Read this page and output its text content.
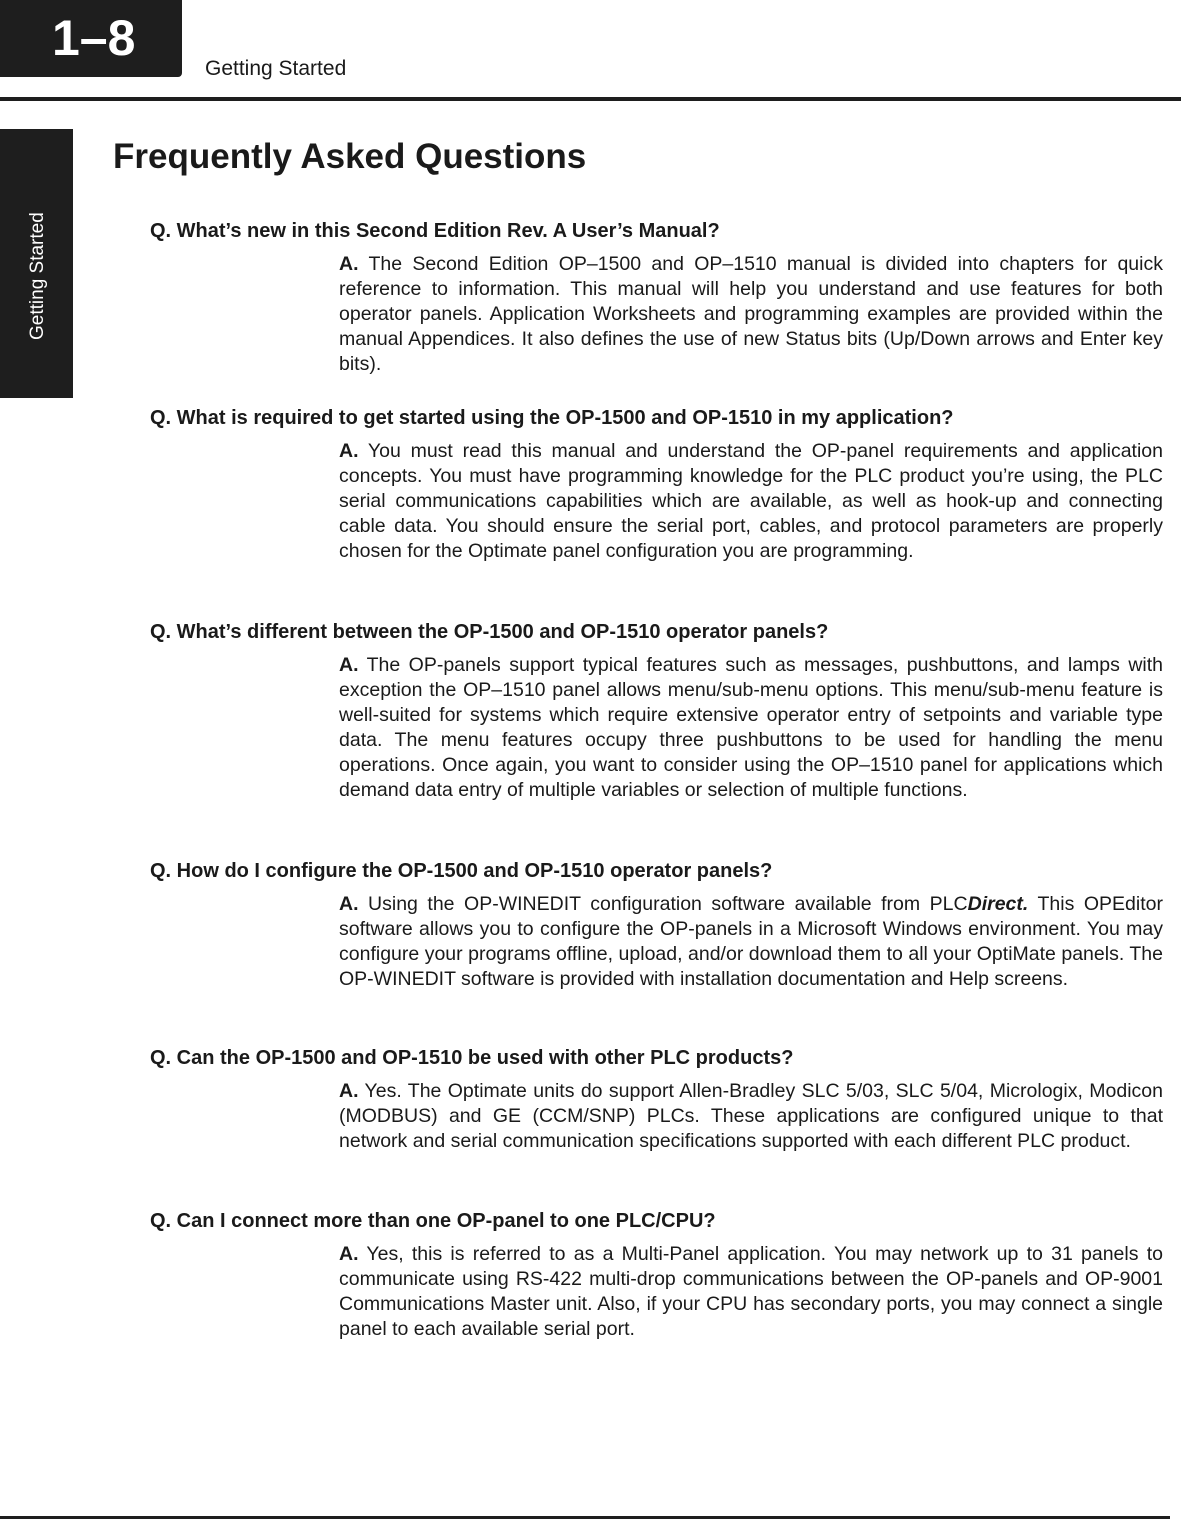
1–8
Getting Started
Getting Started
Frequently Asked Questions

Q. What’s new in this Second Edition Rev. A User’s Manual?

A. The Second Edition OP–1500 and OP–1510 manual is divided into chapters for quick reference to information. This manual will help you understand and use features for both operator panels. Application Worksheets and programming examples are provided within the manual Appendices. It also defines the use of new Status bits (Up/Down arrows and Enter key bits).

Q. What is required to get started using the OP-1500 and OP-1510 in my application?

A. You must read this manual and understand the OP-panel requirements and application concepts. You must have programming knowledge for the PLC product you’re using, the PLC serial communications capabilities which are available, as well as hook-up and connecting cable data. You should ensure the serial port, cables, and protocol parameters are properly chosen for the Optimate panel configuration you are programming.

Q. What’s different between the OP-1500 and OP-1510 operator panels?

A. The OP-panels support typical features such as messages, pushbuttons, and lamps with exception the OP–1510 panel allows menu/sub-menu options. This menu/sub-menu feature is well-suited for systems which require extensive operator entry of setpoints and variable type data. The menu features occupy three pushbuttons to be used for handling the menu operations. Once again, you want to consider using the OP–1510 panel for applications which demand data entry of multiple variables or selection of multiple functions.

Q. How do I configure the OP-1500 and OP-1510 operator panels?

A. Using the OP-WINEDIT configuration software available from PLCDirect. This OPEditor software allows you to configure the OP-panels in a Microsoft Windows environment. You may configure your programs offline, upload, and/or download them to all your OptiMate panels. The OP-WINEDIT software is provided with installation documentation and Help screens.

Q. Can the OP-1500 and OP-1510 be used with other PLC products?

A. Yes. The Optimate units do support Allen-Bradley SLC 5/03, SLC 5/04, Micrologix, Modicon (MODBUS) and GE (CCM/SNP) PLCs. These applications are configured unique to that network and serial communication specifications supported with each different PLC product.

Q. Can I connect more than one OP-panel to one PLC/CPU?

A. Yes, this is referred to as a Multi-Panel application. You may network up to 31 panels to communicate using RS-422 multi-drop communications between the OP-panels and OP-9001 Communications Master unit. Also, if your CPU has secondary ports, you may connect a single panel to each available serial port.
